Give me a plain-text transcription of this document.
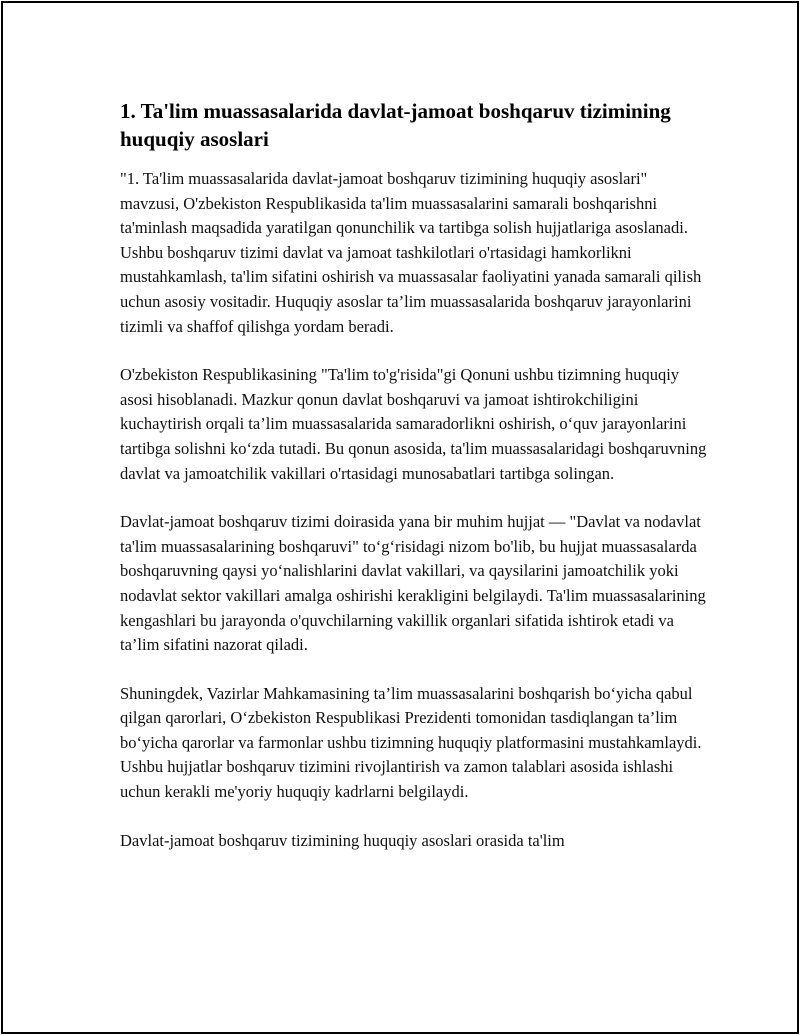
1. Ta'lim muassasalarida davlat-jamoat boshqaruv tizimining huquqiy asoslari

"1. Ta'lim muassasalarida davlat-jamoat boshqaruv tizimining huquqiy asoslari" mavzusi, O'zbekiston Respublikasida ta'lim muassasalarini samarali boshqarishni ta'minlash maqsadida yaratilgan qonunchilik va tartibga solish hujjatlariga asoslanadi. Ushbu boshqaruv tizimi davlat va jamoat tashkilotlari o'rtasidagi hamkorlikni mustahkamlash, ta'lim sifatini oshirish va muassasalar faoliyatini yanada samarali qilish uchun asosiy vositadir. Huquqiy asoslar ta’lim muassasalarida boshqaruv jarayonlarini tizimli va shaffof qilishga yordam beradi.

O'zbekiston Respublikasining "Ta'lim to'g'risida"gi Qonuni ushbu tizimning huquqiy asosi hisoblanadi. Mazkur qonun davlat boshqaruvi va jamoat ishtirokchiligini kuchaytirish orqali ta’lim muassasalarida samaradorlikni oshirish, o‘quv jarayonlarini tartibga solishni ko‘zda tutadi. Bu qonun asosida, ta'lim muassasalaridagi boshqaruvning davlat va jamoatchilik vakillari o'rtasidagi munosabatlari tartibga solingan.

Davlat-jamoat boshqaruv tizimi doirasida yana bir muhim hujjat — "Davlat va nodavlat ta'lim muassasalarining boshqaruvi" to‘g‘risidagi nizom bo'lib, bu hujjat muassasalarda boshqaruvning qaysi yo‘nalishlarini davlat vakillari, va qaysilarini jamoatchilik yoki nodavlat sektor vakillari amalga oshirishi kerakligini belgilaydi. Ta'lim muassasalarining kengashlari bu jarayonda o'quvchilarning vakillik organlari sifatida ishtirok etadi va ta’lim sifatini nazorat qiladi.

Shuningdek, Vazirlar Mahkamasining ta’lim muassasalarini boshqarish bo‘yicha qabul qilgan qarorlari, O‘zbekiston Respublikasi Prezidenti tomonidan tasdiqlangan ta’lim bo‘yicha qarorlar va farmonlar ushbu tizimning huquqiy platformasini mustahkamlaydi. Ushbu hujjatlar boshqaruv tizimini rivojlantirish va zamon talablari asosida ishlashi uchun kerakli me'yoriy huquqiy kadrlarni belgilaydi.

Davlat-jamoat boshqaruv tizimining huquqiy asoslari orasida ta'lim
